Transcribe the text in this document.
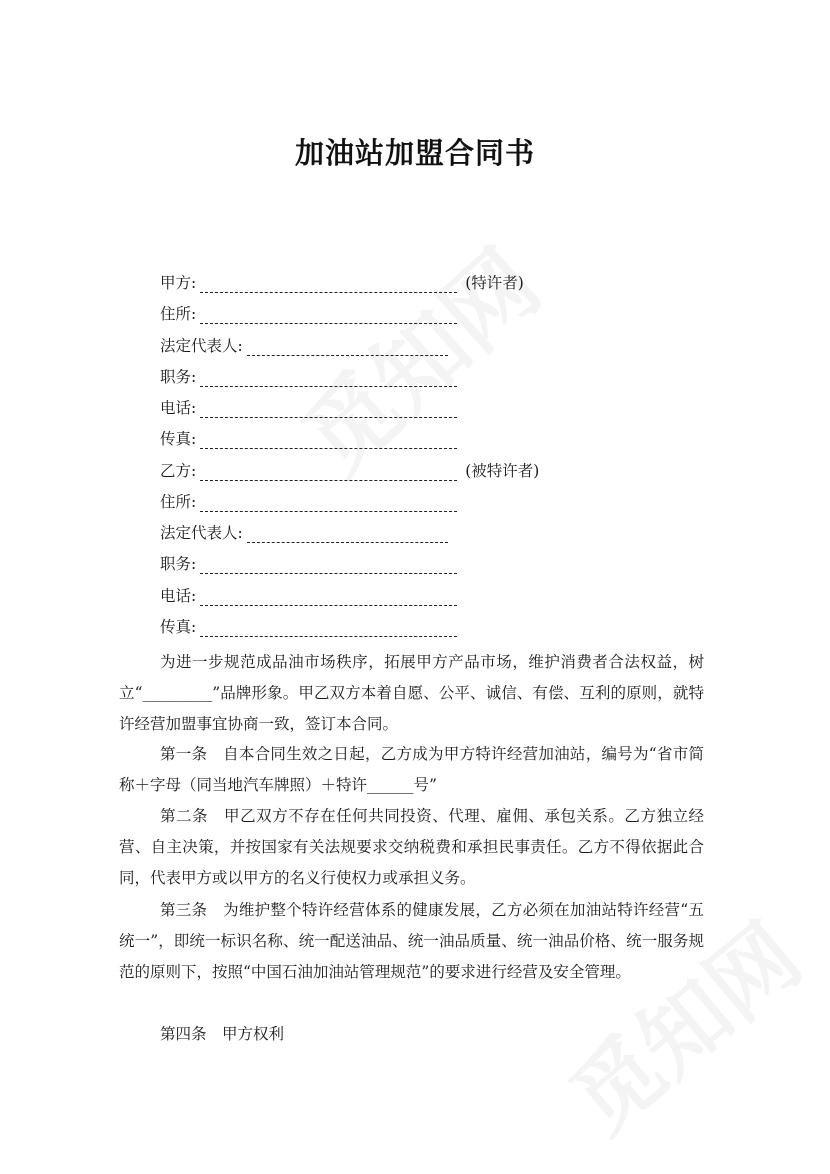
加油站加盟合同书
甲方:	(特许者)
住所:
法定代表人:
职务:
电话:
传真:
乙方:	(被特许者)
住所:
法定代表人:
职务:
电话:
传真:
为进一步规范成品油市场秩序，拓展甲方产品市场，维护消费者合法权益，树立“_________”品牌形象。甲乙双方本着自愿、公平、诚信、有偿、互利的原则，就特许经营加盟事宜协商一致，签订本合同。
第一条　自本合同生效之日起，乙方成为甲方特许经营加油站，编号为“省市简称＋字母（同当地汽车牌照）＋特许______号”
第二条　甲乙双方不存在任何共同投资、代理、雇佣、承包关系。乙方独立经营、自主决策，并按国家有关法规要求交纳税费和承担民事责任。乙方不得依据此合同，代表甲方或以甲方的名义行使权力或承担义务。
第三条　为维护整个特许经营体系的健康发展，乙方必须在加油站特许经营“五统一”，即统一标识名称、统一配送油品、统一油品质量、统一油品价格、统一服务规范的原则下，按照“中国石油加油站管理规范”的要求进行经营及安全管理。
第四条　甲方权利
